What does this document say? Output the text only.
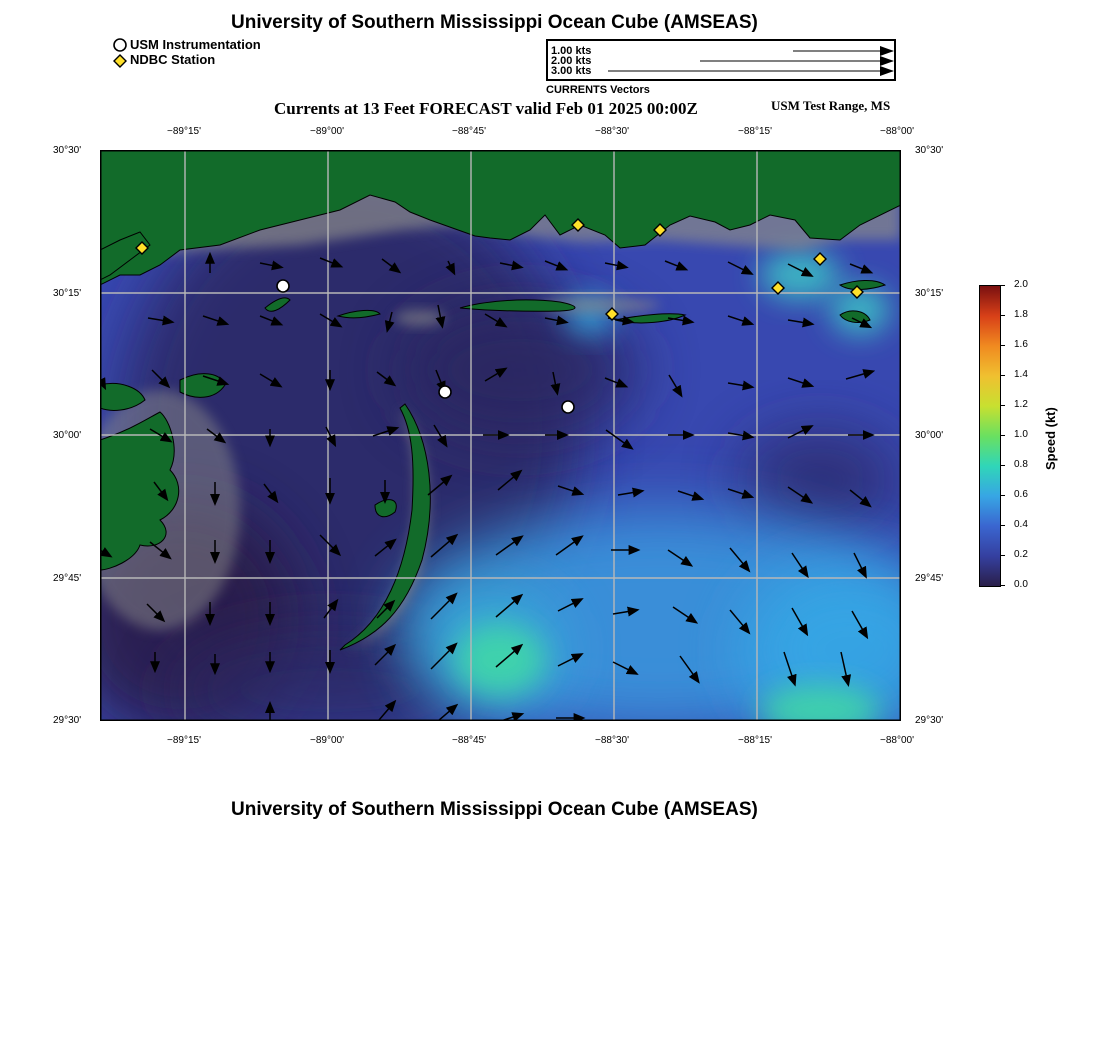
University of Southern Mississippi Ocean Cube (AMSEAS)
USM Instrumentation
NDBC Station
1.00 kts
2.00 kts
3.00 kts
CURRENTS Vectors
Currents at 13 Feet FORECAST valid Feb 01 2025 00:00Z	USM Test Range, MS
−89°15'	−89°00'	−88°45'	−88°30'	−88°15'	−88°00'
−89°15'	−89°00'	−88°45'	−88°30'	−88°15'	−88°00'
30°30'
30°15'
30°00'
29°45'
29°30'
30°30'
30°15'
30°00'
29°45'
29°30'
2.0
1.8
1.6
1.4
1.2
1.0
0.8
0.6
0.4
0.2
0.0
Speed (kt)
University of Southern Mississippi Ocean Cube (AMSEAS)
